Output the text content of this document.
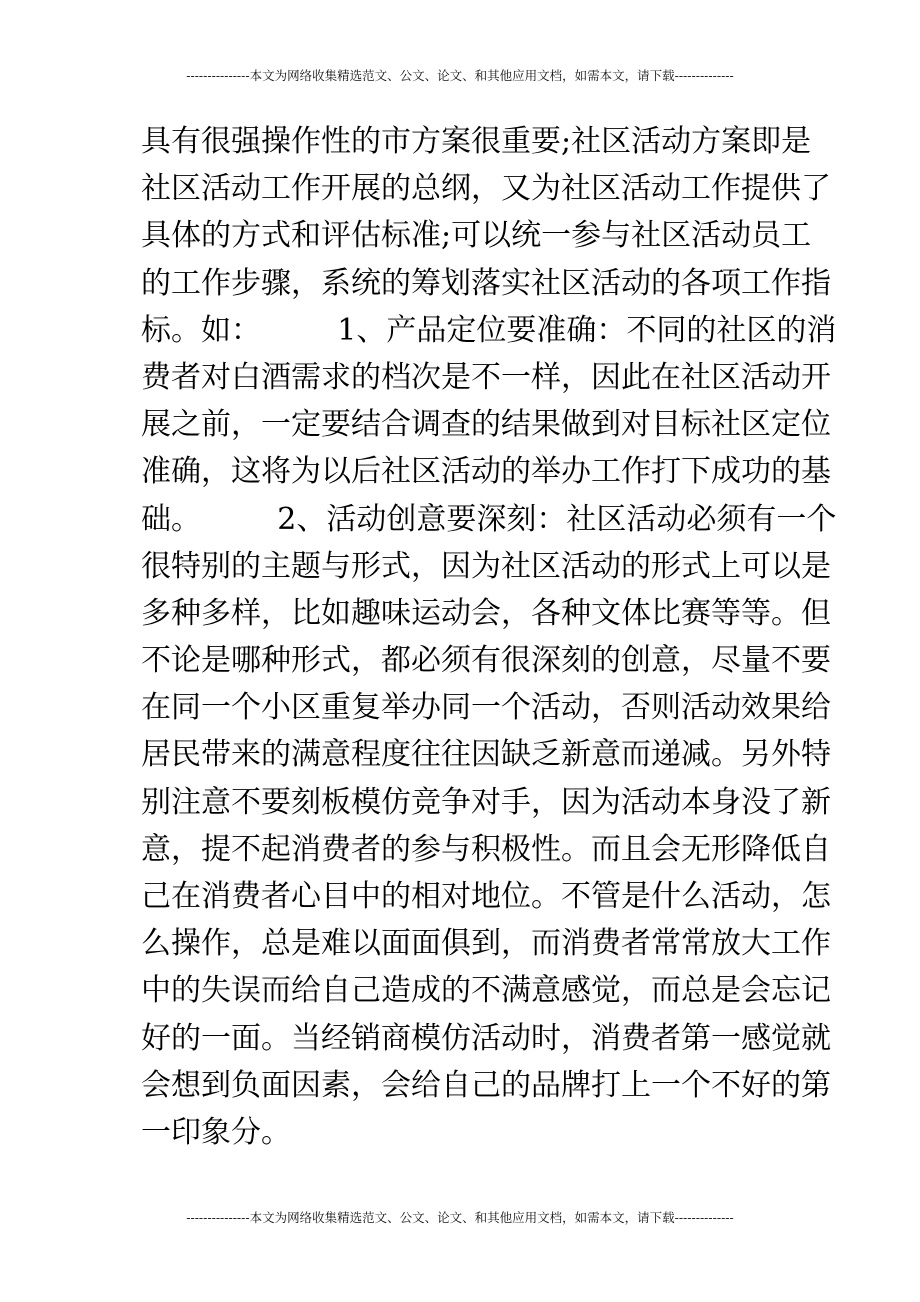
---------------本文为网络收集精选范文、公文、论文、和其他应用文档，如需本文，请下载--------------
具有很强操作性的市方案很重要;社区活动方案即是
社区活动工作开展的总纲，又为社区活动工作提供了
具体的方式和评估标准;可以统一参与社区活动员工
的工作步骤，系统的筹划落实社区活动的各项工作指
标。如：        1、产品定位要准确：不同的社区的消
费者对白酒需求的档次是不一样，因此在社区活动开
展之前，一定要结合调查的结果做到对目标社区定位
准确，这将为以后社区活动的举办工作打下成功的基
础。        2、活动创意要深刻：社区活动必须有一个
很特别的主题与形式，因为社区活动的形式上可以是
多种多样，比如趣味运动会，各种文体比赛等等。但
不论是哪种形式，都必须有很深刻的创意，尽量不要
在同一个小区重复举办同一个活动，否则活动效果给
居民带来的满意程度往往因缺乏新意而递减。另外特
别注意不要刻板模仿竞争对手，因为活动本身没了新
意，提不起消费者的参与积极性。而且会无形降低自
己在消费者心目中的相对地位。不管是什么活动，怎
么操作，总是难以面面俱到，而消费者常常放大工作
中的失误而给自己造成的不满意感觉，而总是会忘记
好的一面。当经销商模仿活动时，消费者第一感觉就
会想到负面因素，会给自己的品牌打上一个不好的第
一印象分。
---------------本文为网络收集精选范文、公文、论文、和其他应用文档，如需本文，请下载--------------
